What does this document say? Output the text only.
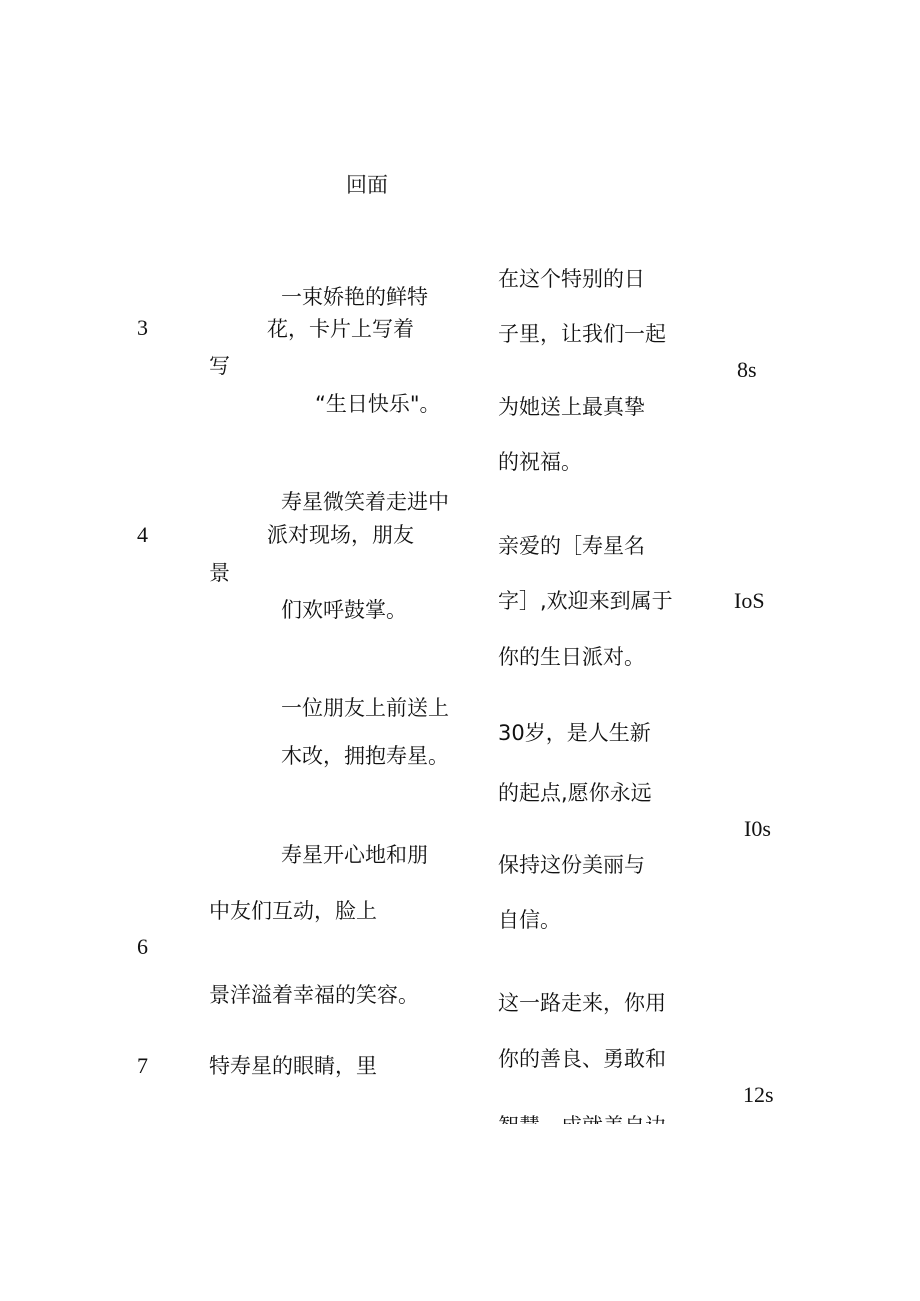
回面
3
写
一束娇艳的鲜特
花，卡片上写着
“生日快乐"。
在这个特别的日
子里，让我们一起
为她送上最真挚
的祝福。
8s
4
景
寿星微笑着走进中
派对现场，朋友
们欢呼鼓掌。
亲爱的［寿星名
字］,欢迎来到属于
你的生日派对。
IoS
6
一位朋友上前送上
木改，拥抱寿星。
寿星开心地和朋
中友们互动，脸上
景洋溢着幸福的笑容。
30岁，是人生新
的起点,愿你永远
保持这份美丽与
自信。
I0s
7	特寿星的眼睛，里
这一路走来，你用
你的善良、勇敢和
12s
